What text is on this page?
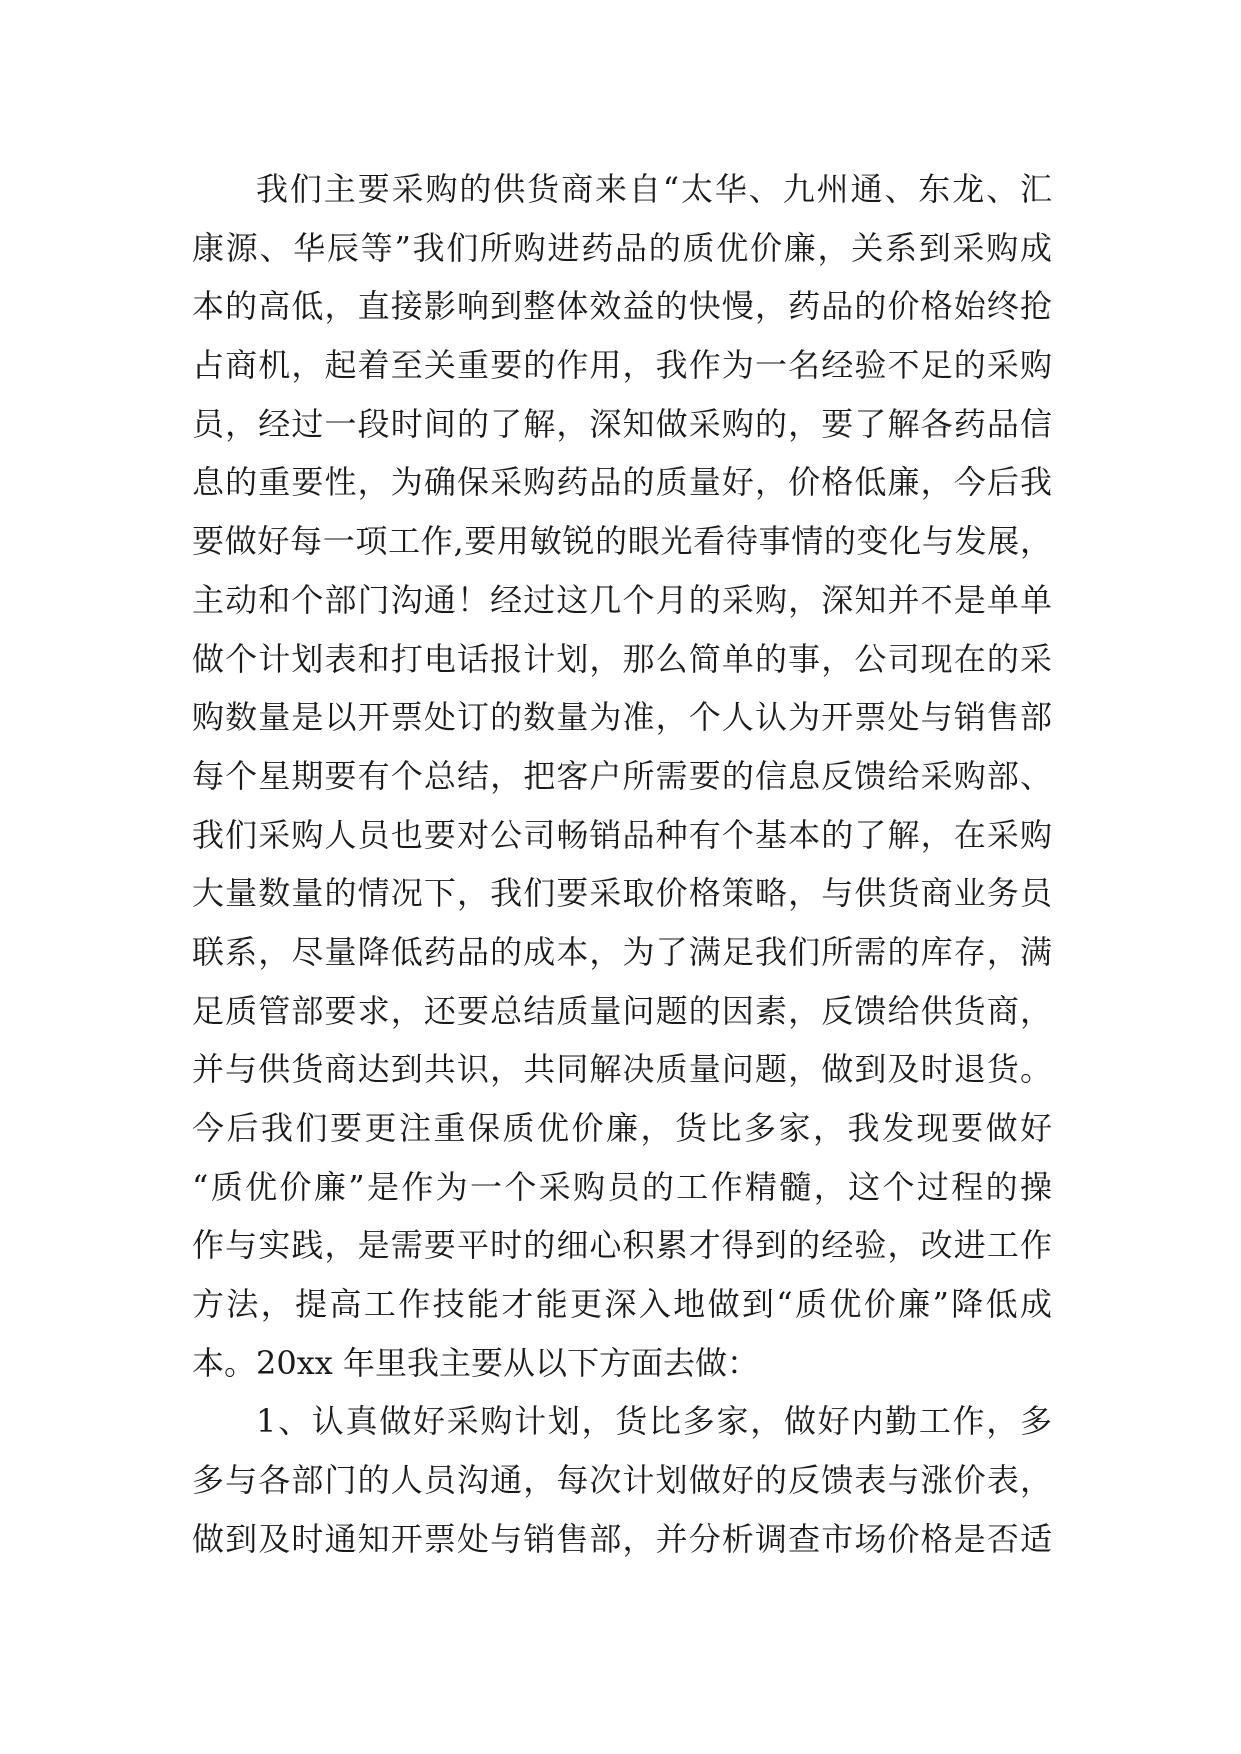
我们主要采购的供货商来自“太华、九州通、东龙、汇
康源、华辰等”我们所购进药品的质优价廉，关系到采购成
本的高低，直接影响到整体效益的快慢，药品的价格始终抢
占商机，起着至关重要的作用，我作为一名经验不足的采购
员，经过一段时间的了解，深知做采购的，要了解各药品信
息的重要性，为确保采购药品的质量好，价格低廉，今后我
要做好每一项工作,要用敏锐的眼光看待事情的变化与发展，
主动和个部门沟通！经过这几个月的采购，深知并不是单单
做个计划表和打电话报计划，那么简单的事，公司现在的采
购数量是以开票处订的数量为准，个人认为开票处与销售部
每个星期要有个总结，把客户所需要的信息反馈给采购部、
我们采购人员也要对公司畅销品种有个基本的了解，在采购
大量数量的情况下，我们要采取价格策略，与供货商业务员
联系，尽量降低药品的成本，为了满足我们所需的库存，满
足质管部要求，还要总结质量问题的因素，反馈给供货商，
并与供货商达到共识，共同解决质量问题，做到及时退货。
今后我们要更注重保质优价廉，货比多家，我发现要做好
“质优价廉”是作为一个采购员的工作精髓，这个过程的操
作与实践，是需要平时的细心积累才得到的经验，改进工作
方法，提高工作技能才能更深入地做到“质优价廉”降低成
本。20xx 年里我主要从以下方面去做：
1、认真做好采购计划，货比多家，做好内勤工作，多
多与各部门的人员沟通，每次计划做好的反馈表与涨价表，
做到及时通知开票处与销售部，并分析调查市场价格是否适
